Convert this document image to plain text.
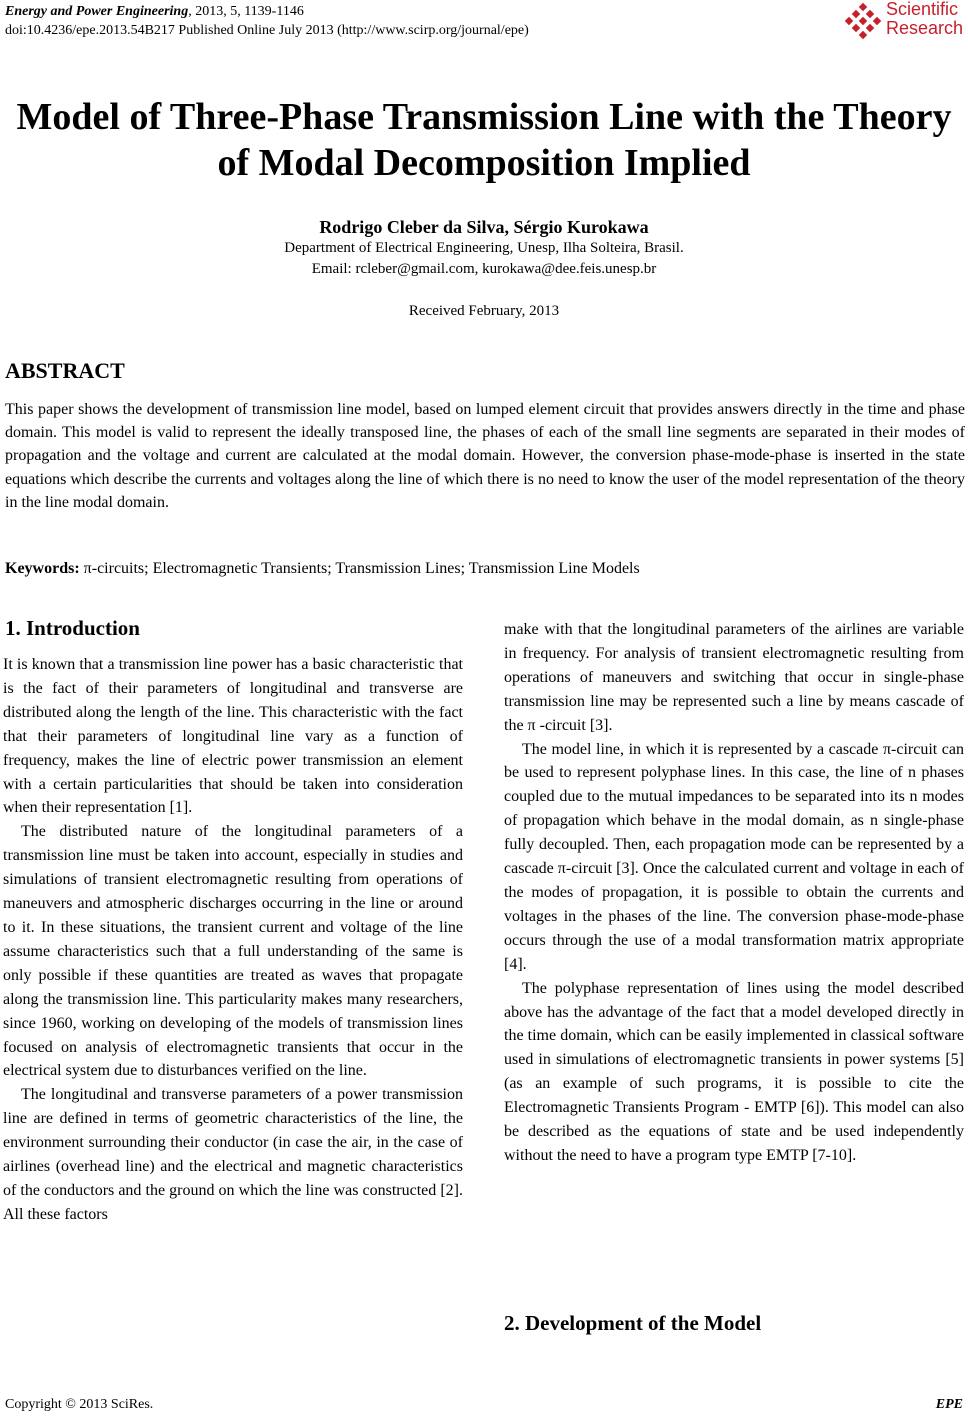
Energy and Power Engineering, 2013, 5, 1139-1146
doi:10.4236/epe.2013.54B217 Published Online July 2013 (http://www.scirp.org/journal/epe)
Scientific
Research
Model of Three-Phase Transmission Line with the Theory
of Modal Decomposition Implied
Rodrigo Cleber da Silva, Sérgio Kurokawa
Department of Electrical Engineering, Unesp, Ilha Solteira, Brasil.
Email: rcleber@gmail.com, kurokawa@dee.feis.unesp.br
Received February, 2013
ABSTRACT

This paper shows the development of transmission line model, based on lumped element circuit that provides answers directly in the time and phase domain. This model is valid to represent the ideally transposed line, the phases of each of the small line segments are separated in their modes of propagation and the voltage and current are calculated at the modal domain. However, the conversion phase-mode-phase is inserted in the state equations which describe the currents and voltages along the line of which there is no need to know the user of the model representation of the theory in the line modal domain.

Keywords: π-circuits; Electromagnetic Transients; Transmission Lines; Transmission Line Models
1. Introduction

It is known that a transmission line power has a basic characteristic that is the fact of their parameters of longitudinal and transverse are distributed along the length of the line. This characteristic with the fact that their parameters of longitudinal line vary as a function of frequency, makes the line of electric power transmission an element with a certain particularities that should be taken into consideration when their representation [1].

The distributed nature of the longitudinal parameters of a transmission line must be taken into account, especially in studies and simulations of transient electromagnetic resulting from operations of maneuvers and atmospheric discharges occurring in the line or around to it. In these situations, the transient current and voltage of the line assume characteristics such that a full understanding of the same is only possible if these quantities are treated as waves that propagate along the transmission line. This particularity makes many researchers, since 1960, working on developing of the models of transmission lines focused on analysis of electromagnetic transients that occur in the electrical system due to disturbances verified on the line.

The longitudinal and transverse parameters of a power transmission line are defined in terms of geometric characteristics of the line, the environment surrounding their conductor (in case the air, in the case of airlines (overhead line) and the electrical and magnetic characteristics of the conductors and the ground on which the line was constructed [2]. All these factors

make with that the longitudinal parameters of the airlines are variable in frequency. For analysis of transient electromagnetic resulting from operations of maneuvers and switching that occur in single-phase transmission line may be represented such a line by means cascade of the π -circuit [3].

The model line, in which it is represented by a cascade π-circuit can be used to represent polyphase lines. In this case, the line of n phases coupled due to the mutual impedances to be separated into its n modes of propagation which behave in the modal domain, as n single-phase fully decoupled. Then, each propagation mode can be represented by a cascade π-circuit [3]. Once the calculated current and voltage in each of the modes of propagation, it is possible to obtain the currents and voltages in the phases of the line. The conversion phase-mode-phase occurs through the use of a modal transformation matrix appropriate [4].

The polyphase representation of lines using the model described above has the advantage of the fact that a model developed directly in the time domain, which can be easily implemented in classical software used in simulations of electromagnetic transients in power systems [5] (as an example of such programs, it is possible to cite the Electromagnetic Transients Program - EMTP [6]). This model can also be described as the equations of state and be used independently without the need to have a program type EMTP [7-10].

2. Development of the Model
Copyright © 2013 SciRes.	EPE
